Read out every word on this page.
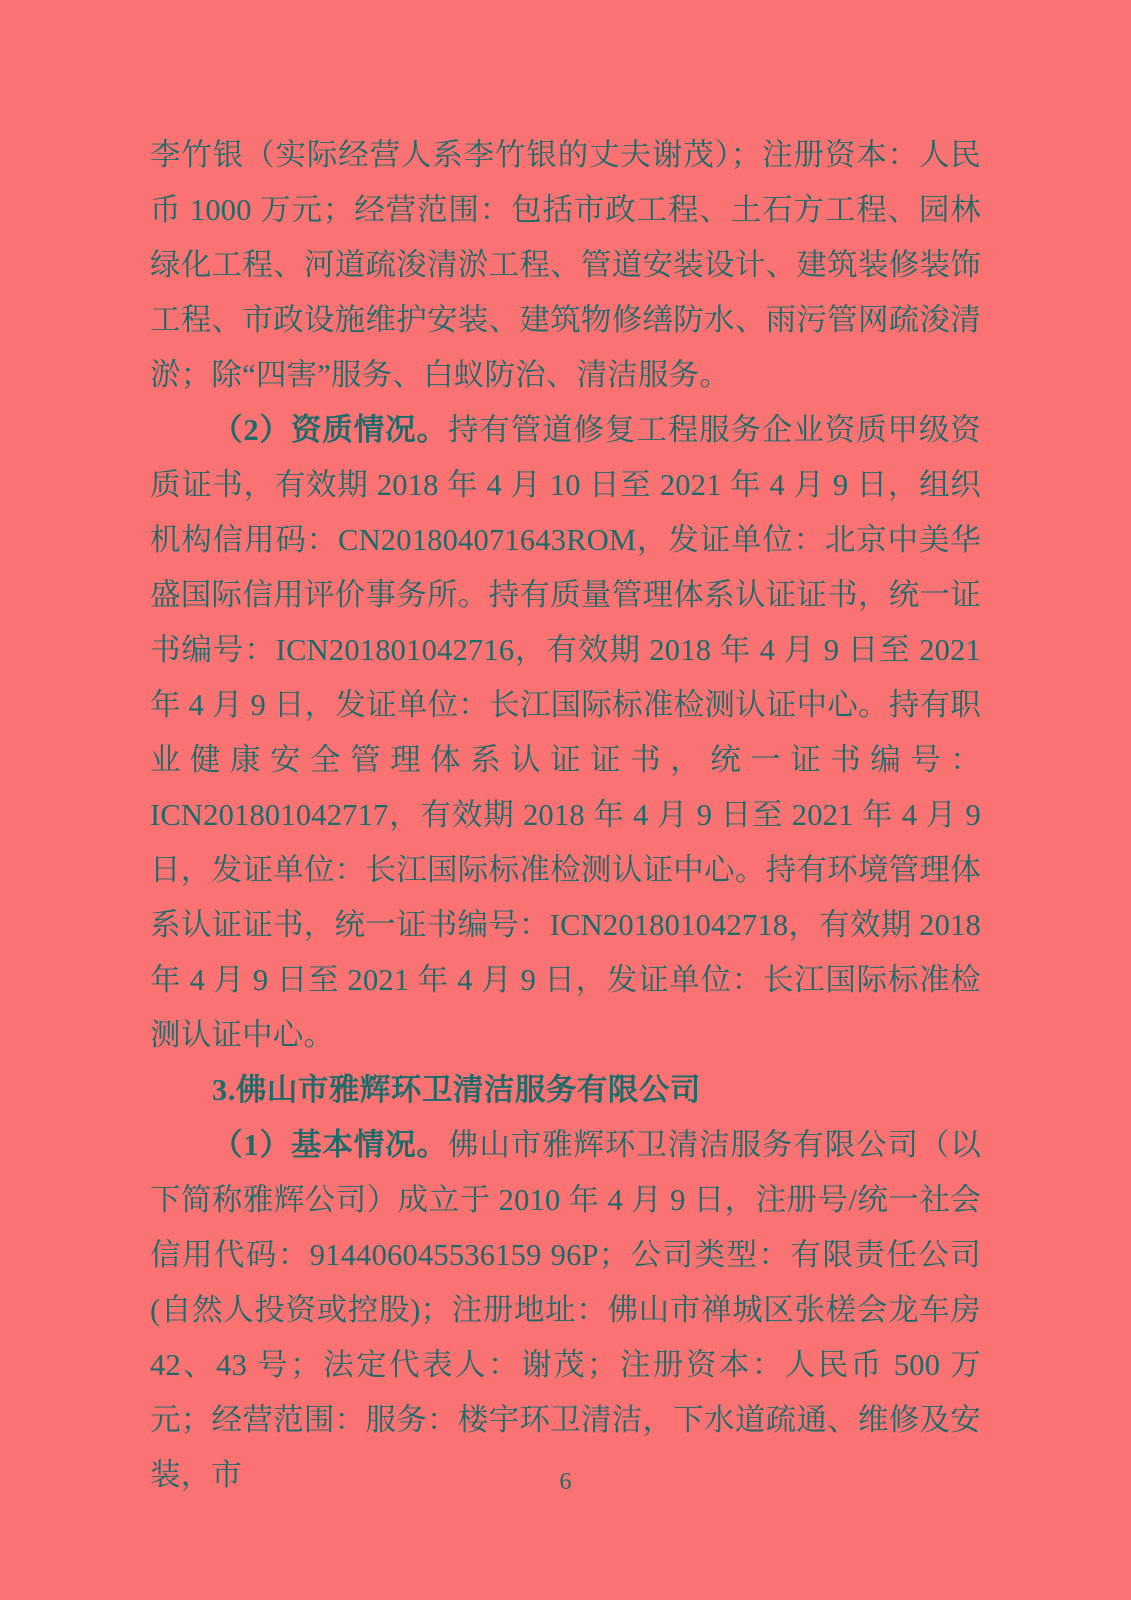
李竹银（实际经营人系李竹银的丈夫谢茂）；注册资本：人民币 1000 万元；经营范围：包括市政工程、土石方工程、园林绿化工程、河道疏浚清淤工程、管道安装设计、建筑装修装饰工程、市政设施维护安装、建筑物修缮防水、雨污管网疏浚清淤；除“四害”服务、白蚁防治、清洁服务。

（2）资质情况。持有管道修复工程服务企业资质甲级资质证书，有效期 2018 年 4 月 10 日至 2021 年 4 月 9 日，组织机构信用码：CN201804071643ROM，发证单位：北京中美华盛国际信用评价事务所。持有质量管理体系认证证书，统一证书编号：ICN201801042716，有效期 2018 年 4 月 9 日至 2021 年 4 月 9 日，发证单位：长江国际标准检测认证中心。持有职业健康安全管理体系认证证书，统一证书编号：ICN201801042717，有效期 2018 年 4 月 9 日至 2021 年 4 月 9 日，发证单位：长江国际标准检测认证中心。持有环境管理体系认证证书，统一证书编号：ICN201801042718，有效期 2018 年 4 月 9 日至 2021 年 4 月 9 日，发证单位：长江国际标准检测认证中心。

3.佛山市雅辉环卫清洁服务有限公司

（1）基本情况。佛山市雅辉环卫清洁服务有限公司（以下简称雅辉公司）成立于 2010 年 4 月 9 日，注册号/统一社会信用代码：914406045536159 96P；公司类型：有限责任公司(自然人投资或控股)；注册地址：佛山市禅城区张槎会龙车房 42、43 号；法定代表人：谢茂；注册资本：人民币 500 万元；经营范围：服务：楼宇环卫清洁，下水道疏通、维修及安装，市	6
